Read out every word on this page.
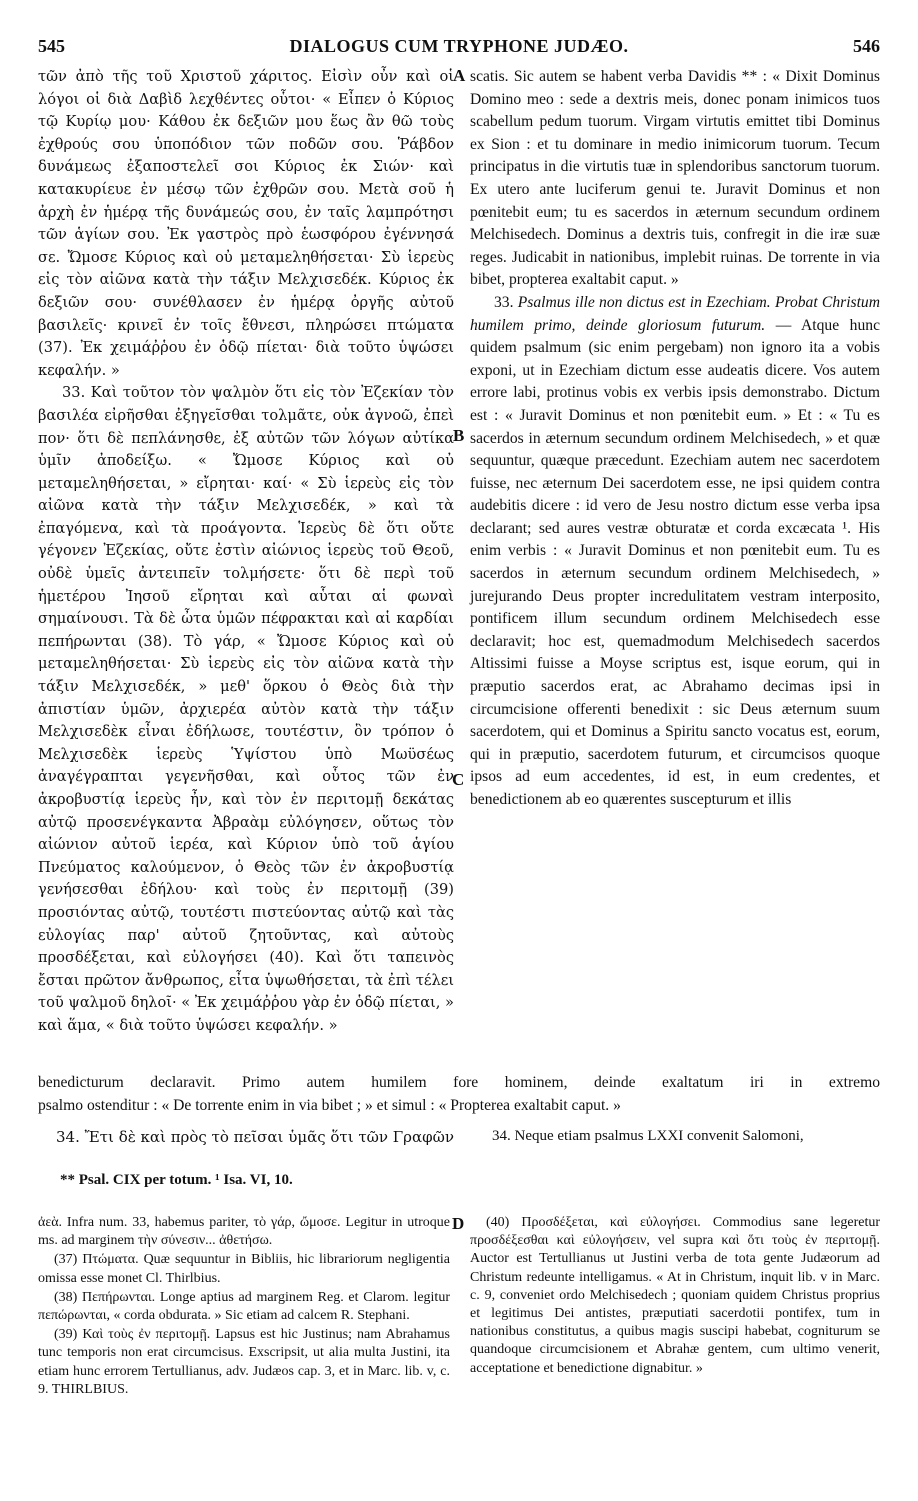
545	DIALOGUS CUM TRYPHONE JUDÆO.	546

τῶν ἀπὸ τῆς τοῦ Χριστοῦ χάριτος. Εἰσὶν οὖν καὶ οἱ λόγοι οἱ διὰ Δαβὶδ λεχθέντες οὗτοι· « Εἶπεν ὁ Κύριος τῷ Κυρίῳ μου· Κάθου ἐκ δεξιῶν μου ἕως ἂν θῶ τοὺς ἐχθρούς σου ὑποπόδιον τῶν ποδῶν σου. Ῥάβδον δυνάμεως ἐξαποστελεῖ σοι Κύριος ἐκ Σιών· καὶ κατακυρίευε ἐν μέσῳ τῶν ἐχθρῶν σου. Μετὰ σοῦ ἡ ἀρχὴ ἐν ἡμέρᾳ τῆς δυνάμεώς σου, ἐν ταῖς λαμπρότησι τῶν ἁγίων σου. Ἐκ γαστρὸς πρὸ ἑωσφόρου ἐγέννησά σε. Ὤμοσε Κύριος καὶ οὐ μεταμεληθήσεται· Σὺ ἱερεὺς εἰς τὸν αἰῶνα κατὰ τὴν τάξιν Μελχισεδέκ. Κύριος ἐκ δεξιῶν σου· συνέθλασεν ἐν ἡμέρᾳ ὀργῆς αὐτοῦ βασιλεῖς· κρινεῖ ἐν τοῖς ἔθνεσι, πληρώσει πτώματα (37). Ἐκ χειμάῤῥου ἐν ὁδῷ πίεται· διὰ τοῦτο ὑψώσει κεφαλήν. »

33. Καὶ τοῦτον τὸν ψαλμὸν ὅτι εἰς τὸν Ἐζεκίαν τὸν βασιλέα εἰρῆσθαι ἐξηγεῖσθαι τολμᾶτε, οὐκ ἀγνοῶ, ἐπεὶ πον· ὅτι δὲ πεπλάνησθε, ἐξ αὐτῶν τῶν λόγων αὐτίκα ὑμῖν ἀποδείξω. « Ὤμοσε Κύριος καὶ οὐ μεταμεληθήσεται, » εἴρηται· καί· « Σὺ ἱερεὺς εἰς τὸν αἰῶνα κατὰ τὴν τάξιν Μελχισεδέκ, » καὶ τὰ ἐπαγόμενα, καὶ τὰ προάγοντα. Ἱερεὺς δὲ ὅτι οὔτε γέγονεν Ἐζεκίας, οὔτε ἐστὶν αἰώνιος ἱερεὺς τοῦ Θεοῦ, οὐδὲ ὑμεῖς ἀντειπεῖν τολμήσετε· ὅτι δὲ περὶ τοῦ ἡμετέρου Ἰησοῦ εἴρηται καὶ αὗται αἱ φωναὶ σημαίνουσι. Τὰ δὲ ὦτα ὑμῶν πέφρακται καὶ αἱ καρδίαι πεπήρωνται (38). Τὸ γάρ, « Ὤμοσε Κύριος καὶ οὐ μεταμεληθήσεται· Σὺ ἱερεὺς εἰς τὸν αἰῶνα κατὰ τὴν τάξιν Μελχισεδέκ, » μεθ' ὅρκου ὁ Θεὸς διὰ τὴν ἀπιστίαν ὑμῶν, ἀρχιερέα αὐτὸν κατὰ τὴν τάξιν Μελχισεδὲκ εἶναι ἐδήλωσε, τουτέστιν, ὃν τρόπον ὁ Μελχισεδὲκ ἱερεὺς Ὑψίστου ὑπὸ Μωϋσέως ἀναγέγραπται γεγενῆσθαι, καὶ οὗτος τῶν ἐν ἀκροβυστίᾳ ἱερεὺς ἦν, καὶ τὸν ἐν περιτομῇ δεκάτας αὐτῷ προσενέγκαντα Ἀβραὰμ εὐλόγησεν, οὕτως τὸν αἰώνιον αὐτοῦ ἱερέα, καὶ Κύριον ὑπὸ τοῦ ἁγίου Πνεύματος καλούμενον, ὁ Θεὸς τῶν ἐν ἀκροβυστίᾳ γενήσεσθαι ἐδήλου· καὶ τοὺς ἐν περιτομῇ (39) προσιόντας αὐτῷ, τουτέστι πιστεύοντας αὐτῷ καὶ τὰς εὐλογίας παρ' αὐτοῦ ζητοῦντας, καὶ αὐτοὺς προσδέξεται, καὶ εὐλογήσει (40). Καὶ ὅτι ταπεινὸς ἔσται πρῶτον ἄνθρωπος, εἶτα ὑψωθήσεται, τὰ ἐπὶ τέλει τοῦ ψαλμοῦ δηλοῖ· « Ἐκ χειμάῤῥου γὰρ ἐν ὁδῷ πίεται, » καὶ ἅμα, « διὰ τοῦτο ὑψώσει κεφαλήν. »

A
B
C
D

scatis. Sic autem se habent verba Davidis ** : « Dixit Dominus Domino meo : sede a dextris meis, donec ponam inimicos tuos scabellum pedum tuorum. Virgam virtutis emittet tibi Dominus ex Sion : et tu dominare in medio inimicorum tuorum. Tecum principatus in die virtutis tuæ in splendoribus sanctorum tuorum. Ex utero ante luciferum genui te. Juravit Dominus et non pœnitebit eum; tu es sacerdos in æternum secundum ordinem Melchisedech. Dominus a dextris tuis, confregit in die iræ suæ reges. Judicabit in nationibus, implebit ruinas. De torrente in via bibet, propterea exaltabit caput. »

33. Psalmus ille non dictus est in Ezechiam. Probat Christum humilem primo, deinde gloriosum futurum. — Atque hunc quidem psalmum (sic enim pergebam) non ignoro ita a vobis exponi, ut in Ezechiam dictum esse audeatis dicere. Vos autem errore labi, protinus vobis ex verbis ipsis demonstrabo. Dictum est : « Juravit Dominus et non pœnitebit eum. » Et : « Tu es sacerdos in æternum secundum ordinem Melchisedech, » et quæ sequuntur, quæque præcedunt. Ezechiam autem nec sacerdotem fuisse, nec æternum Dei sacerdotem esse, ne ipsi quidem contra audebitis dicere : id vero de Jesu nostro dictum esse verba ipsa declarant; sed aures vestræ obturatæ et corda excæcata ¹. His enim verbis : « Juravit Dominus et non pœnitebit eum. Tu es sacerdos in æternum secundum ordinem Melchisedech, » jurejurando Deus propter incredulitatem vestram interposito, pontificem illum secundum ordinem Melchisedech esse declaravit; hoc est, quemadmodum Melchisedech sacerdos Altissimi fuisse a Moyse scriptus est, isque eorum, qui in præputio sacerdos erat, ac Abrahamo decimas ipsi in circumcisione offerenti benedixit : sic Deus æternum suum sacerdotem, qui et Dominus a Spiritu sancto vocatus est, eorum, qui in præputio, sacerdotem futurum, et circumcisos quoque ipsos ad eum accedentes, id est, in eum credentes, et benedictionem ab eo quærentes suscepturum et illis

benedicturum declaravit. Primo autem humilem fore hominem, deinde exaltatum iri in extremo

psalmo ostenditur : « De torrente enim in via bibet ; » et simul : « Propterea exaltabit caput. »

34. Ἔτι δὲ καὶ πρὸς τὸ πεῖσαι ὑμᾶς ὅτι τῶν Γραφῶν	34. Neque etiam psalmus LXXI convenit Salomoni,
** Psal. CIX per totum. ¹ Isa. VI, 10.

ἀεὰ. Infra num. 33, habemus pariter, τὸ γάρ, ὤμοσε. Legitur in utroque ms. ad marginem τὴν σύνεσιν... ἀθετήσω.

(37) Πτώματα. Quæ sequuntur in Bibliis, hic librariorum negligentia omissa esse monet Cl. Thirlbius.

(38) Πεπήρωνται. Longe aptius ad marginem Reg. et Clarom. legitur πεπώρωνται, « corda obdurata. » Sic etiam ad calcem R. Stephani.

(39) Καὶ τοὺς ἐν περιτομῇ. Lapsus est hic Justinus; nam Abrahamus tunc temporis non erat circumcisus. Exscripsit, ut alia multa Justini, ita etiam hunc errorem Tertullianus, adv. Judæos cap. 3, et in Marc. lib. v, c. 9. THIRLBIUS.

(40) Προσδέξεται, καὶ εὐλογήσει. Commodius sane legeretur προσδέξεσθαι καὶ εὐλογήσειν, vel supra καὶ ὅτι τοὺς ἐν περιτομῇ. Auctor est Tertullianus ut Justini verba de tota gente Judæorum ad Christum redeunte intelligamus. « At in Christum, inquit lib. v in Marc. c. 9, conveniet ordo Melchisedech ; quoniam quidem Christus proprius et legitimus Dei antistes, præputiati sacerdotii pontifex, tum in nationibus constitutus, a quibus magis suscipi habebat, cogniturum se quandoque circumcisionem et Abrahæ gentem, cum ultimo venerit, acceptatione et benedictione dignabitur. »
